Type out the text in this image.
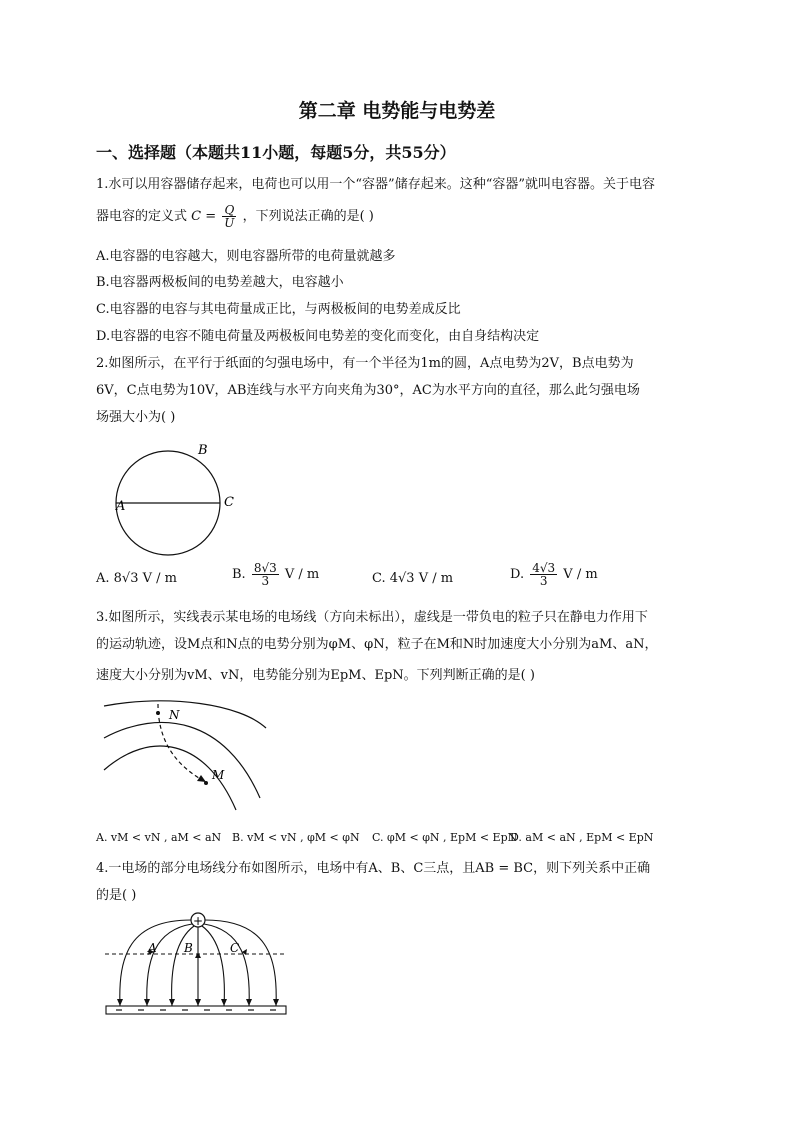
第二章 电势能与电势差
一、选择题（本题共11小题，每题5分，共55分）
1.水可以用容器储存起来，电荷也可以用一个“容器”储存起来。这种“容器”就叫电容器。关于电容
器电容的定义式 $C = \frac{Q}{U}$ ，下列说法正确的是( )
A.电容器的电容越大，则电容器所带的电荷量就越多
B.电容器两极板间的电势差越大，电容越小
C.电容器的电容与其电荷量成正比，与两极板间的电势差成反比
D.电容器的电容不随电荷量及两极板间电势差的变化而变化，由自身结构决定
2.如图所示，在平行于纸面的匀强电场中，有一个半径为1m的圆，A点电势为2V，B点电势为
6V，C点电势为10V，AB连线与水平方向夹角为30°，AC为水平方向的直径，那么此匀强电场
场强大小为( )
B
A	C
A. 8√3 V / m	B. $\frac{8√3}{3}$ V / m	C. 4√3 V / m	D. $\frac{4√3}{3}$ V / m
3.如图所示，实线表示某电场的电场线（方向未标出），虚线是一带负电的粒子只在静电力作用下
的运动轨迹，设M点和N点的电势分别为φM、φN，粒子在M和N时加速度大小分别为aM、aN，
速度大小分别为vM、vN，电势能分别为EpM、EpN。下列判断正确的是( )
N
M
A. vM < vN , aM < aN B. vM < vN , φM < φN C. φM < φN , EpM < EpN
D. aM < aN , EpM < EpN
4.一电场的部分电场线分布如图所示，电场中有A、B、C三点，且AB = BC，则下列关系中正确
的是( )
+
A B	C
